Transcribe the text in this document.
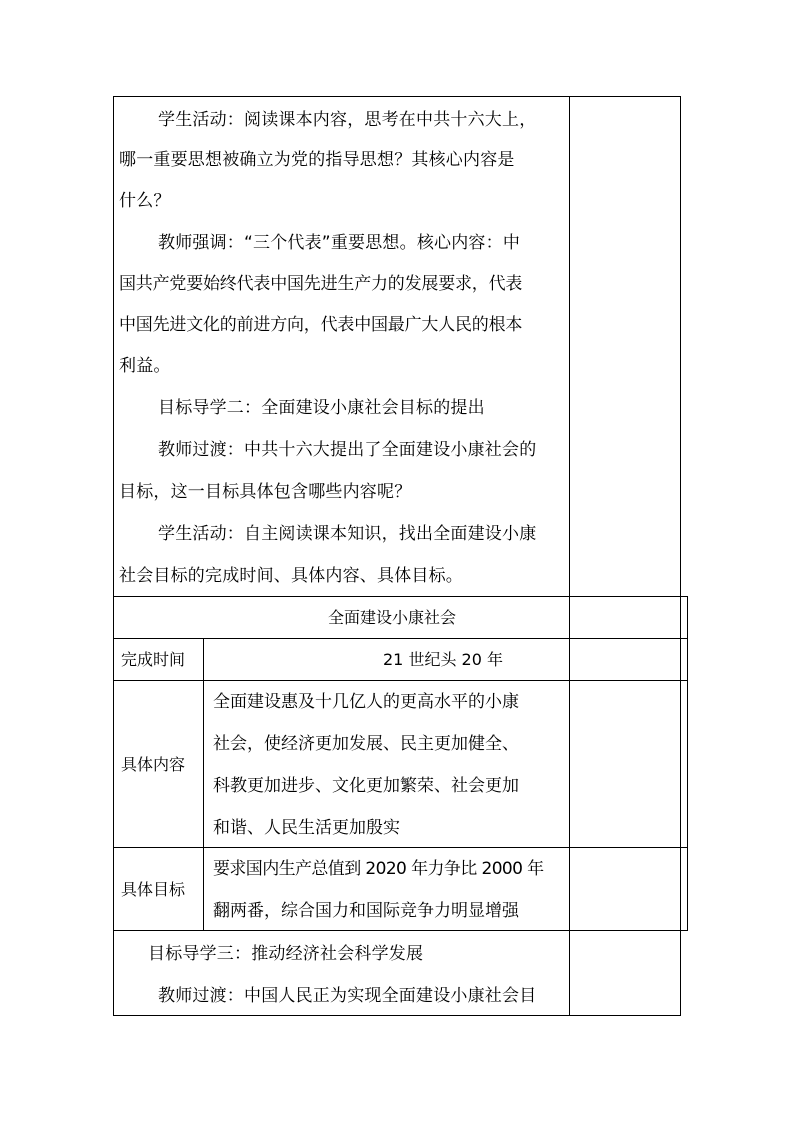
学生活动：阅读课本内容，思考在中共十六大上，
哪一重要思想被确立为党的指导思想？其核心内容是
什么？
教师强调：“三个代表”重要思想。核心内容：中
国共产党要始终代表中国先进生产力的发展要求，代表
中国先进文化的前进方向，代表中国最广大人民的根本
利益。
目标导学二：全面建设小康社会目标的提出
教师过渡：中共十六大提出了全面建设小康社会的
目标，这一目标具体包含哪些内容呢？
学生活动：自主阅读课本知识，找出全面建设小康
社会目标的完成时间、具体内容、具体目标。
全面建设小康社会
完成时间	21 世纪头 20 年
具体内容
全面建设惠及十几亿人的更高水平的小康
社会，使经济更加发展、民主更加健全、
科教更加进步、文化更加繁荣、社会更加
和谐、人民生活更加殷实
具体目标
要求国内生产总值到 2020 年力争比 2000 年
翻两番，综合国力和国际竞争力明显增强
目标导学三：推动经济社会科学发展
教师过渡：中国人民正为实现全面建设小康社会目
